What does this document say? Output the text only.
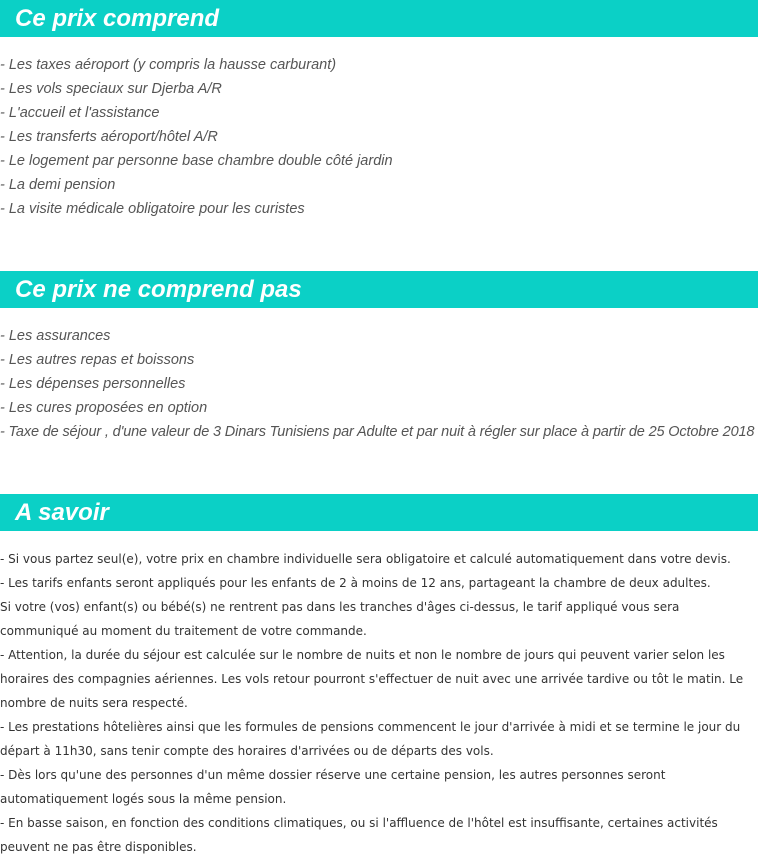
Ce prix comprend
- Les taxes aéroport (y compris la hausse carburant)
- Les vols speciaux sur Djerba A/R
- L'accueil et l'assistance
- Les transferts aéroport/hôtel A/R
- Le logement par personne base chambre double côté jardin
- La demi pension
- La visite médicale obligatoire pour les curistes
Ce prix ne comprend pas
- Les assurances
- Les autres repas et boissons
- Les dépenses personnelles
- Les cures proposées en option
- Taxe de séjour , d'une valeur de 3 Dinars Tunisiens par Adulte et par nuit à régler sur place à partir de 25 Octobre 2018
A savoir
- Si vous partez seul(e), votre prix en chambre individuelle sera obligatoire et calculé automatiquement dans votre devis.
- Les tarifs enfants seront appliqués pour les enfants de 2 à moins de 12 ans, partageant la chambre de deux adultes.
Si votre (vos) enfant(s) ou bébé(s) ne rentrent pas dans les tranches d'âges ci-dessus, le tarif appliqué vous sera communiqué au moment du traitement de votre commande.
- Attention, la durée du séjour est calculée sur le nombre de nuits et non le nombre de jours qui peuvent varier selon les horaires des compagnies aériennes. Les vols retour pourront s'effectuer de nuit avec une arrivée tardive ou tôt le matin. Le nombre de nuits sera respecté.
- Les prestations hôtelières ainsi que les formules de pensions commencent le jour d'arrivée à midi et se termine le jour du départ à 11h30, sans tenir compte des horaires d'arrivées ou de départs des vols.
- Dès lors qu'une des personnes d'un même dossier réserve une certaine pension, les autres personnes seront automatiquement logés sous la même pension.
- En basse saison, en fonction des conditions climatiques, ou si l'affluence de l'hôtel est insuffisante, certaines activités peuvent ne pas être disponibles.
